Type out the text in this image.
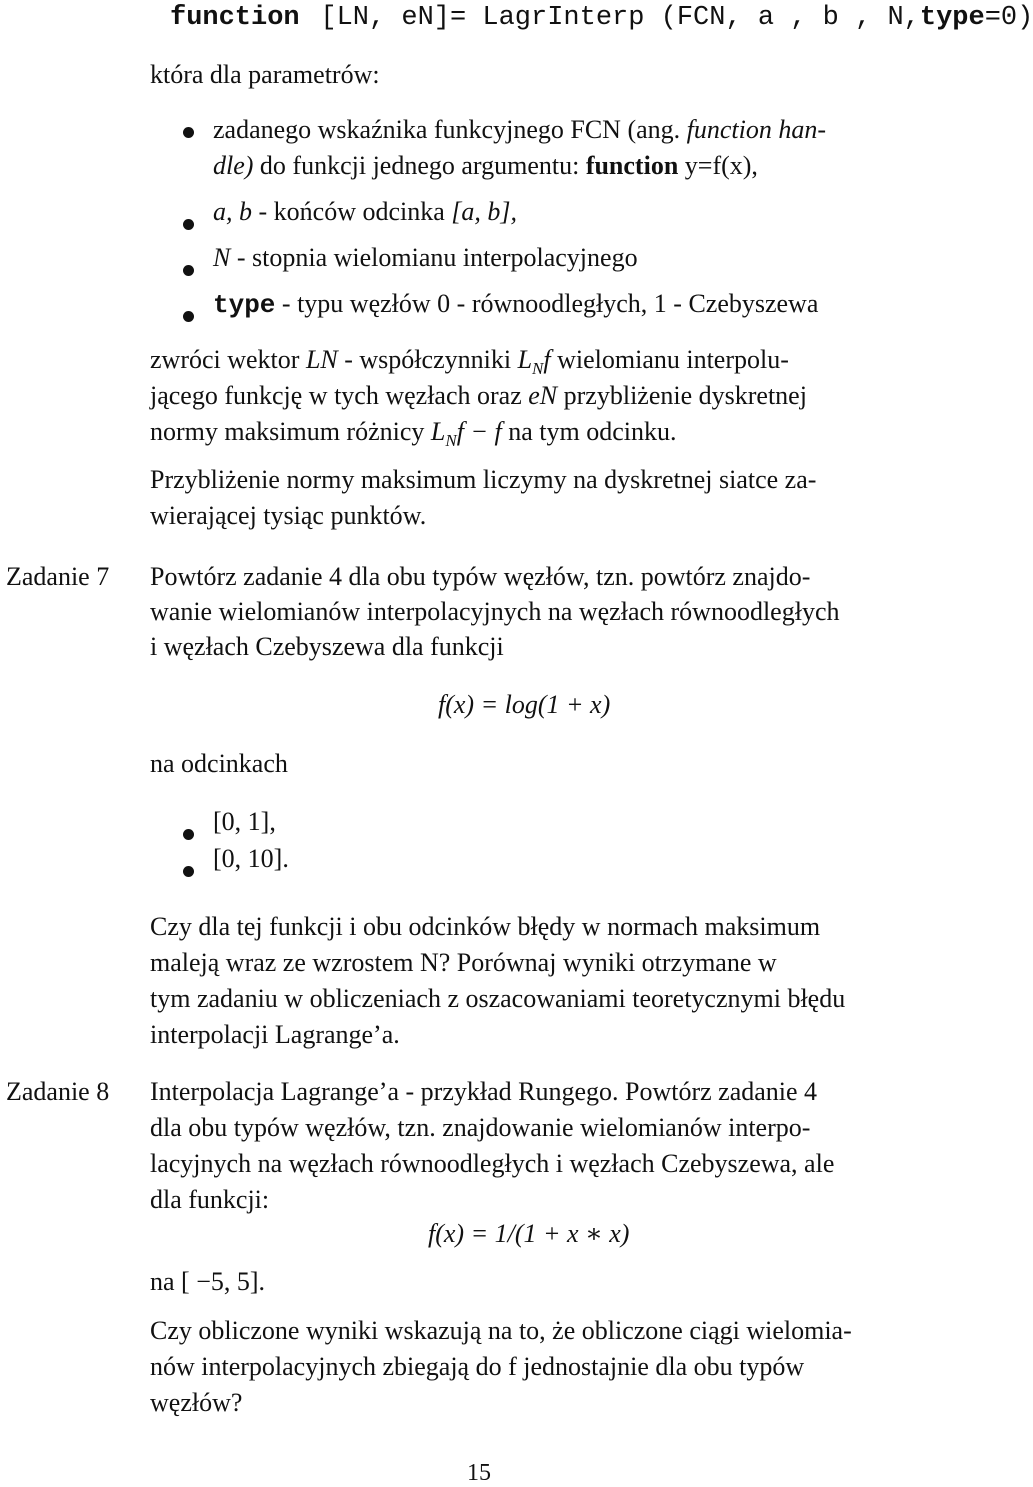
function [LN, eN]= LagrInterp (FCN, a , b , N,type=0)
która dla parametrów:
zadanego wskaźnika funkcyjnego FCN (ang. function han-
dle) do funkcji jednego argumentu: function y=f(x),
a, b - końców odcinka [a, b],
N - stopnia wielomianu interpolacyjnego
type - typu węzłów 0 - równoodległych, 1 - Czebyszewa
zwróci wektor LN - współczynniki $L_Nf$ wielomianu interpolu-
jącego funkcję w tych węzłach oraz eN przybliżenie dyskretnej
normy maksimum różnicy $L_Nf - f$ na tym odcinku.
Przybliżenie normy maksimum liczymy na dyskretnej siatce za-
wierającej tysiąc punktów.
Zadanie 7 Powtórz zadanie 4 dla obu typów węzłów, tzn. powtórz znajdo-
wanie wielomianów interpolacyjnych na węzłach równoodległych
i węzłach Czebyszewa dla funkcji
f(x) = log(1 + x)
na odcinkach
[0, 1],
[0, 10].
Czy dla tej funkcji i obu odcinków błędy w normach maksimum
maleją wraz ze wzrostem N? Porównaj wyniki otrzymane w
tym zadaniu w obliczeniach z oszacowaniami teoretycznymi błędu
interpolacji Lagrange’a.
Zadanie 8 Interpolacja Lagrange’a - przykład Rungego. Powtórz zadanie 4
dla obu typów węzłów, tzn. znajdowanie wielomianów interpo-
lacyjnych na węzłach równoodległych i węzłach Czebyszewa, ale
dla funkcji:
f(x) = 1/(1 + x ∗ x)
na [ −5, 5].
Czy obliczone wyniki wskazują na to, że obliczone ciągi wielomia-
nów interpolacyjnych zbiegają do f jednostajnie dla obu typów
węzłów?
15
